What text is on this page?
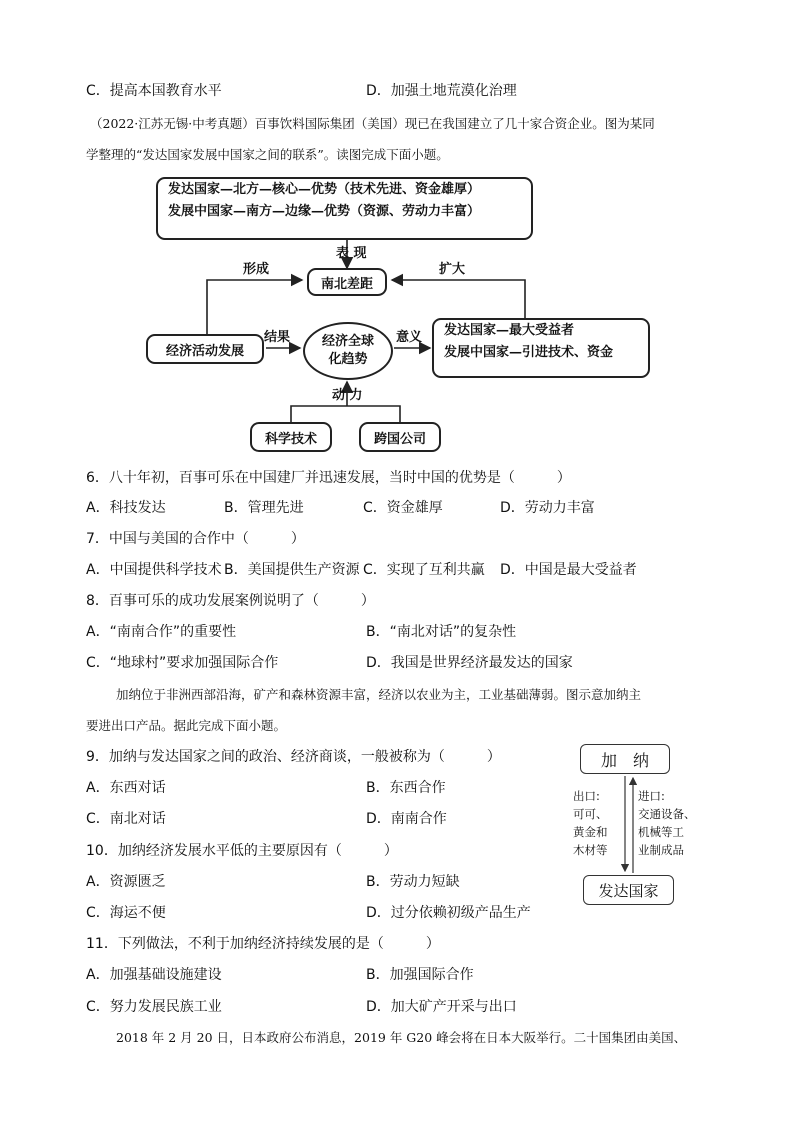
C．提高本国教育水平	D．加强土地荒漠化治理
（2022·江苏无锡·中考真题）百事饮料国际集团（美国）现已在我国建立了几十家合资企业。图为某同
学整理的“发达国家发展中国家之间的联系”。读图完成下面小题。
发达国家—北方—核心—优势（技术先进、资金雄厚）
发展中国家—南方—边缘—优势（资源、劳动力丰富）
表 现
南北差距
形成	扩大
经济活动发展
结果 经济全球
化趋势
意义 发达国家—最大受益者
发展中国家—引进技术、资金
动 力
科学技术	跨国公司
6．八十年初，百事可乐在中国建厂并迅速发展，当时中国的优势是（　　　）
A．科技发达	B．管理先进	C．资金雄厚	D．劳动力丰富
7．中国与美国的合作中（　　　）
A．中国提供科学技术 B．美国提供生产资源 C．实现了互利共赢 D．中国是最大受益者
8．百事可乐的成功发展案例说明了（　　　）
A．“南南合作”的重要性	B．“南北对话”的复杂性
C．“地球村”要求加强国际合作	D．我国是世界经济最发达的国家
加纳位于非洲西部沿海，矿产和森林资源丰富，经济以农业为主，工业基础薄弱。图示意加纳主
要进出口产品。据此完成下面小题。
加　纳
发达国家
出口:
可可、
黄金和
木材等
进口:
交通设备、
机械等工
业制成品
9．加纳与发达国家之间的政治、经济商谈，一般被称为（　　　）
A．东西对话	B．东西合作
C．南北对话	D．南南合作
10．加纳经济发展水平低的主要原因有（　　　）
A．资源匮乏	B．劳动力短缺
C．海运不便	D．过分依赖初级产品生产
11．下列做法，不利于加纳经济持续发展的是（　　　）
A．加强基础设施建设	B．加强国际合作
C．努力发展民族工业	D．加大矿产开采与出口
2018 年 2 月 20 日，日本政府公布消息，2019 年 G20 峰会将在日本大阪举行。二十国集团由美国、
